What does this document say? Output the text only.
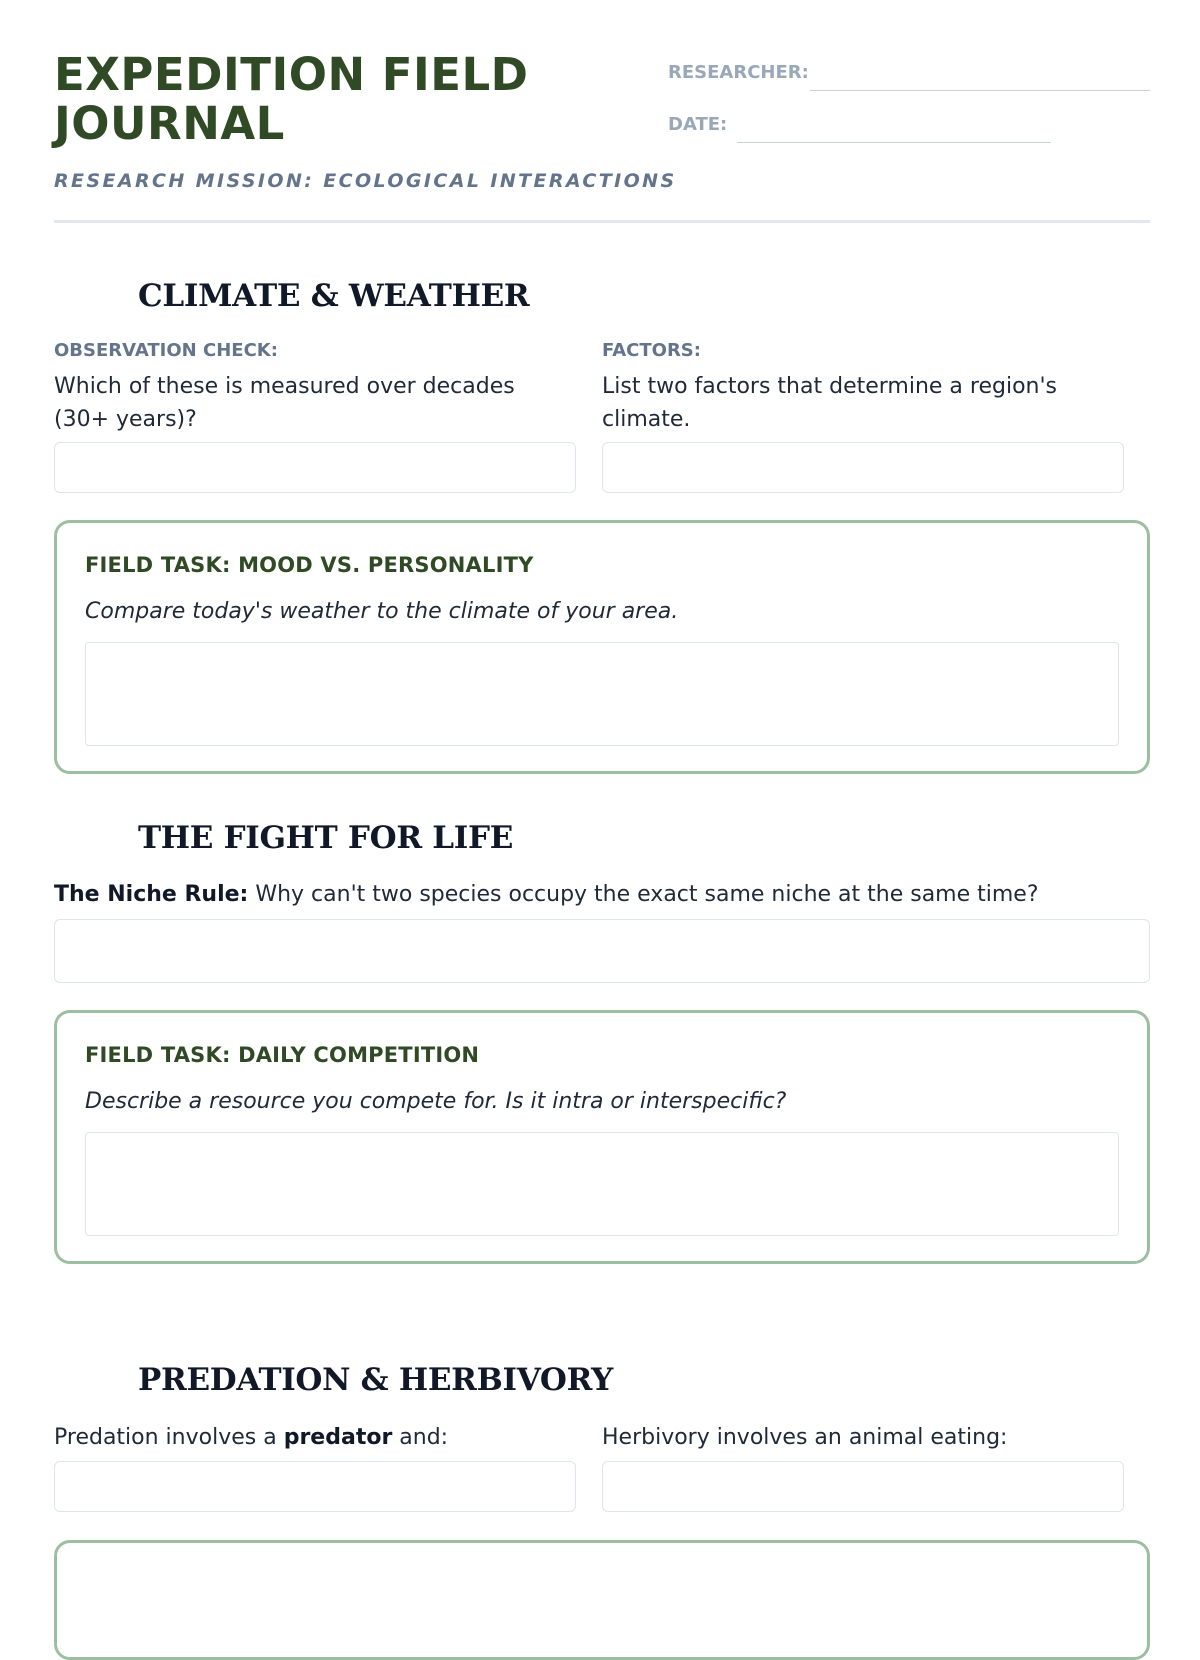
EXPEDITION FIELD JOURNAL
RESEARCH MISSION: ECOLOGICAL INTERACTIONS
RESEARCHER:
DATE:
CLIMATE & WEATHER
OBSERVATION CHECK:
Which of these is measured over decades (30+ years)?
FACTORS:
List two factors that determine a region's climate.
FIELD TASK: MOOD VS. PERSONALITY
Compare today's weather to the climate of your area.
THE FIGHT FOR LIFE
The Niche Rule: Why can't two species occupy the exact same niche at the same time?
FIELD TASK: DAILY COMPETITION
Describe a resource you compete for. Is it intra or interspecific?
PREDATION & HERBIVORY
Predation involves a predator and:	Herbivory involves an animal eating:
